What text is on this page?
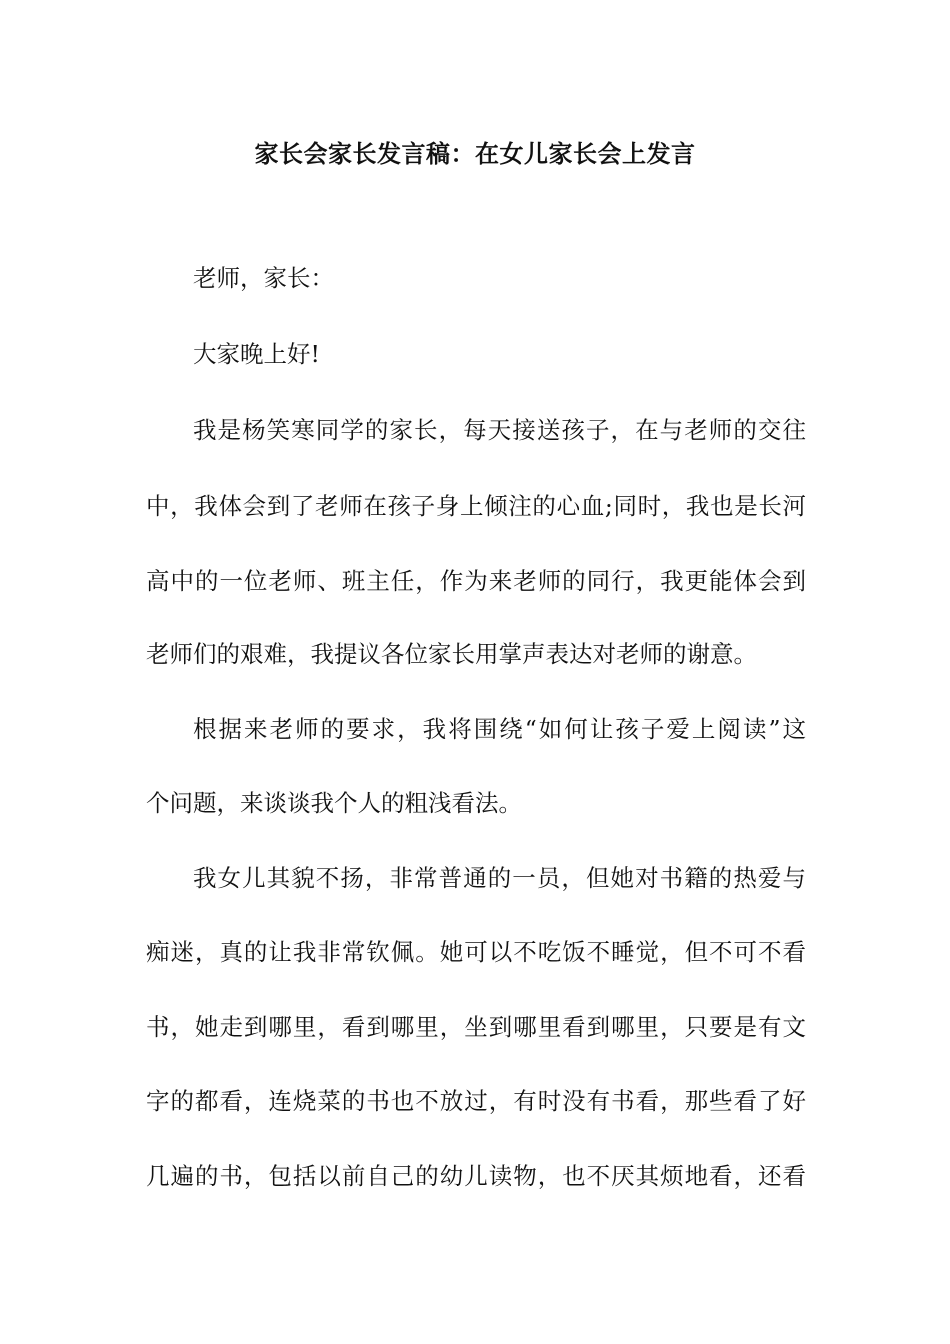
家长会家长发言稿：在女儿家长会上发言
老师，家长：
大家晚上好!
我是杨笑寒同学的家长，每天接送孩子，在与老师的交往
中，我体会到了老师在孩子身上倾注的心血;同时，我也是长河
高中的一位老师、班主任，作为来老师的同行，我更能体会到
老师们的艰难，我提议各位家长用掌声表达对老师的谢意。
根据来老师的要求，我将围绕“如何让孩子爱上阅读”这
个问题，来谈谈我个人的粗浅看法。
我女儿其貌不扬，非常普通的一员，但她对书籍的热爱与
痴迷，真的让我非常钦佩。她可以不吃饭不睡觉，但不可不看
书，她走到哪里，看到哪里，坐到哪里看到哪里，只要是有文
字的都看，连烧菜的书也不放过，有时没有书看，那些看了好
几遍的书，包括以前自己的幼儿读物，也不厌其烦地看，还看
